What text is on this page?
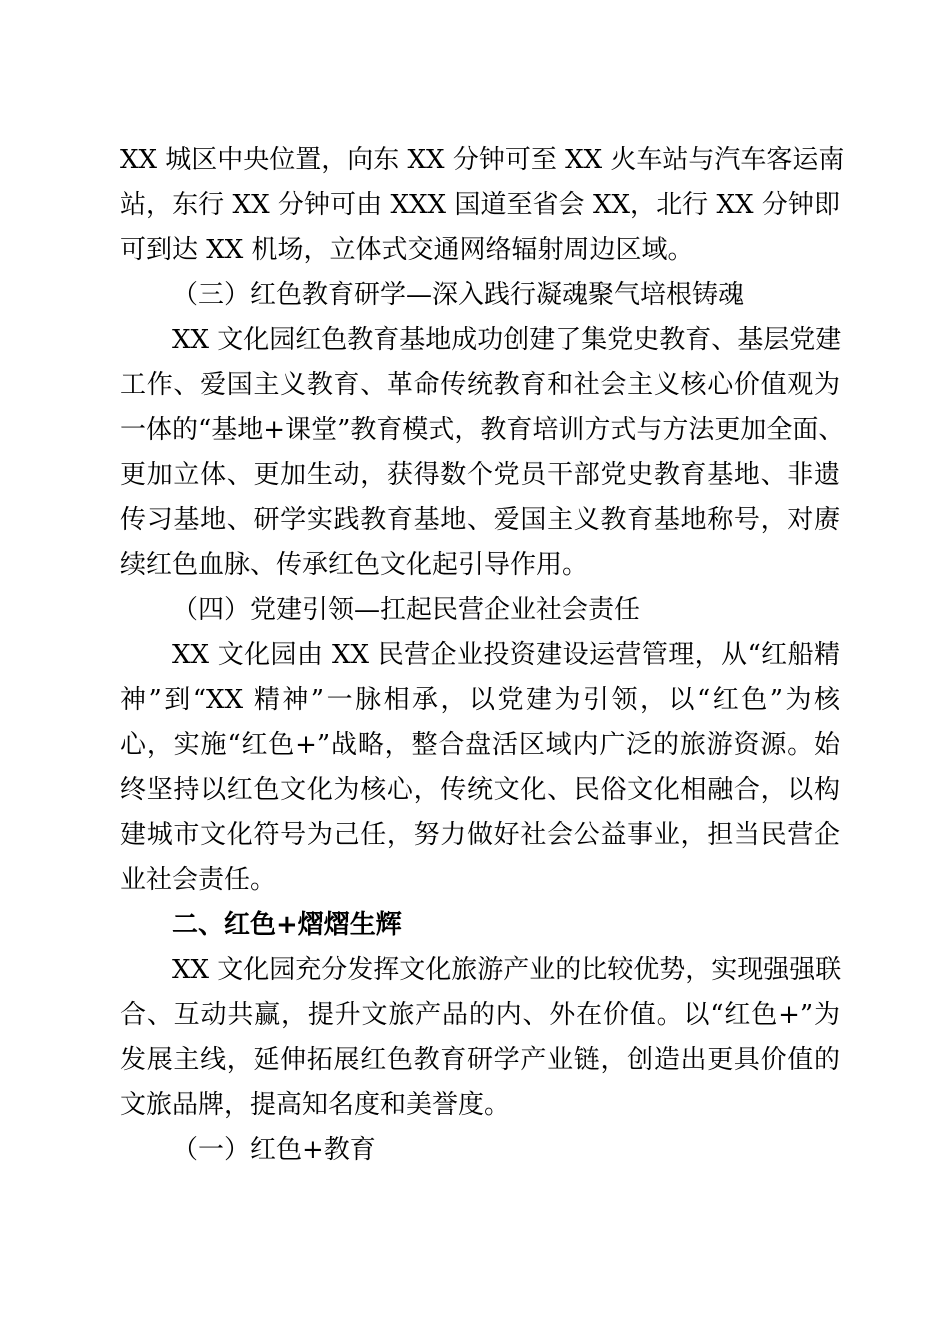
XX 城区中央位置，向东 XX 分钟可至 XX 火车站与汽车客运南
站，东行 XX 分钟可由 XXX 国道至省会 XX，北行 XX 分钟即
可到达 XX 机场，立体式交通网络辐射周边区域。
（三）红色教育研学—深入践行凝魂聚气培根铸魂
XX 文化园红色教育基地成功创建了集党史教育、基层党建
工作、爱国主义教育、革命传统教育和社会主义核心价值观为
一体的“基地+课堂”教育模式，教育培训方式与方法更加全面、
更加立体、更加生动，获得数个党员干部党史教育基地、非遗
传习基地、研学实践教育基地、爱国主义教育基地称号，对赓
续红色血脉、传承红色文化起引导作用。
（四）党建引领—扛起民营企业社会责任
XX 文化园由 XX 民营企业投资建设运营管理，从“红船精
神”到“XX 精神”一脉相承，以党建为引领，以“红色”为核
心，实施“红色+”战略，整合盘活区域内广泛的旅游资源。始
终坚持以红色文化为核心，传统文化、民俗文化相融合，以构
建城市文化符号为己任，努力做好社会公益事业，担当民营企
业社会责任。
二、红色+熠熠生辉
XX 文化园充分发挥文化旅游产业的比较优势，实现强强联
合、互动共赢，提升文旅产品的内、外在价值。以“红色+”为
发展主线，延伸拓展红色教育研学产业链，创造出更具价值的
文旅品牌，提高知名度和美誉度。
（一）红色+教育
